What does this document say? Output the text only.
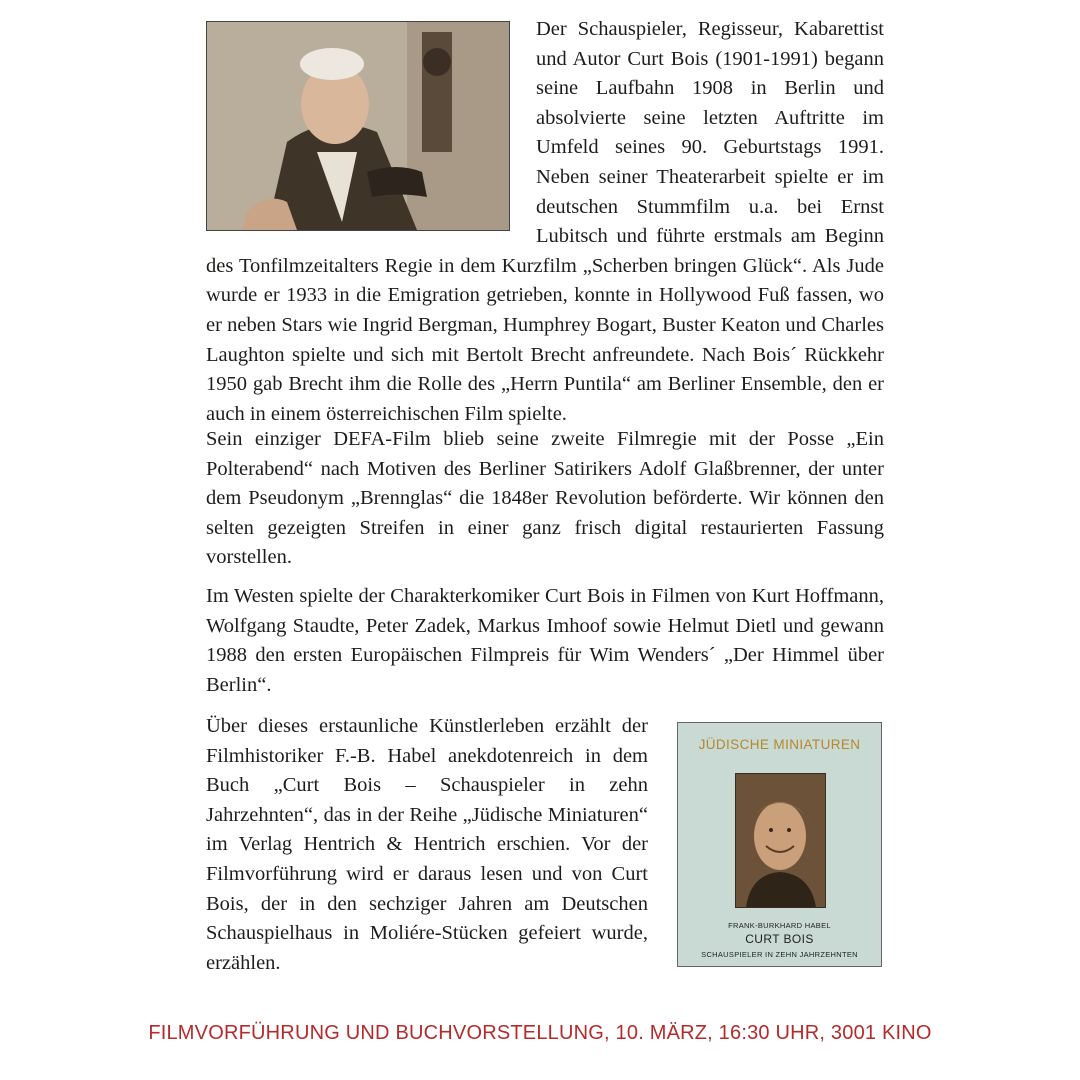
Der Schauspieler, Regisseur, Kabarettist und Autor Curt Bois (1901-1991) begann seine Laufbahn 1908 in Berlin und absolvierte seine letzten Auftritte im Umfeld seines 90. Geburtstags 1991. Neben seiner Theaterarbeit spielte er im deutschen Stummfilm u.a. bei Ernst Lubitsch und führte erstmals am Beginn des Tonfilmzeitalters Regie in dem Kurzfilm „Scherben bringen Glück“. Als Jude wurde er 1933 in die Emigration getrieben, konnte in Hollywood Fuß fassen, wo er neben Stars wie Ingrid Bergman, Humphrey Bogart, Buster Keaton und Charles Laughton spielte und sich mit Bertolt Brecht anfreundete. Nach Bois´ Rückkehr 1950 gab Brecht ihm die Rolle des „Herrn Puntila“ am Berliner Ensemble, den er auch in einem österreichischen Film spielte.

Sein einziger DEFA-Film blieb seine zweite Filmregie mit der Posse „Ein Polterabend“ nach Motiven des Berliner Satirikers Adolf Glaßbrenner, der unter dem Pseudonym „Brennglas“ die 1848er Revolution beförderte. Wir können den selten gezeigten Streifen in einer ganz frisch digital restaurierten Fassung vorstellen.

Im Westen spielte der Charakterkomiker Curt Bois in Filmen von Kurt Hoffmann, Wolfgang Staudte, Peter Zadek, Markus Imhoof sowie Helmut Dietl und gewann 1988 den ersten Europäischen Filmpreis für Wim Wenders´ „Der Himmel über Berlin“.

Über dieses erstaunliche Künstlerleben erzählt der Filmhistoriker F.-B. Habel anekdotenreich in dem Buch „Curt Bois – Schauspieler in zehn Jahrzehnten“, das in der Reihe „Jüdische Miniaturen“ im Verlag Hentrich & Hentrich erschien. Vor der Filmvorführung wird er daraus lesen und von Curt Bois, der in den sechziger Jahren am Deutschen Schauspielhaus in Moliére-Stücken gefeiert wurde, erzählen.

JÜDISCHE MINIATUREN
FRANK-BURKHARD HABEL
CURT BOIS
SCHAUSPIELER IN ZEHN JAHRZEHNTEN
FILMVORFÜHRUNG UND BUCHVORSTELLUNG, 10. MÄRZ, 16:30 UHR, 3001 KINO
